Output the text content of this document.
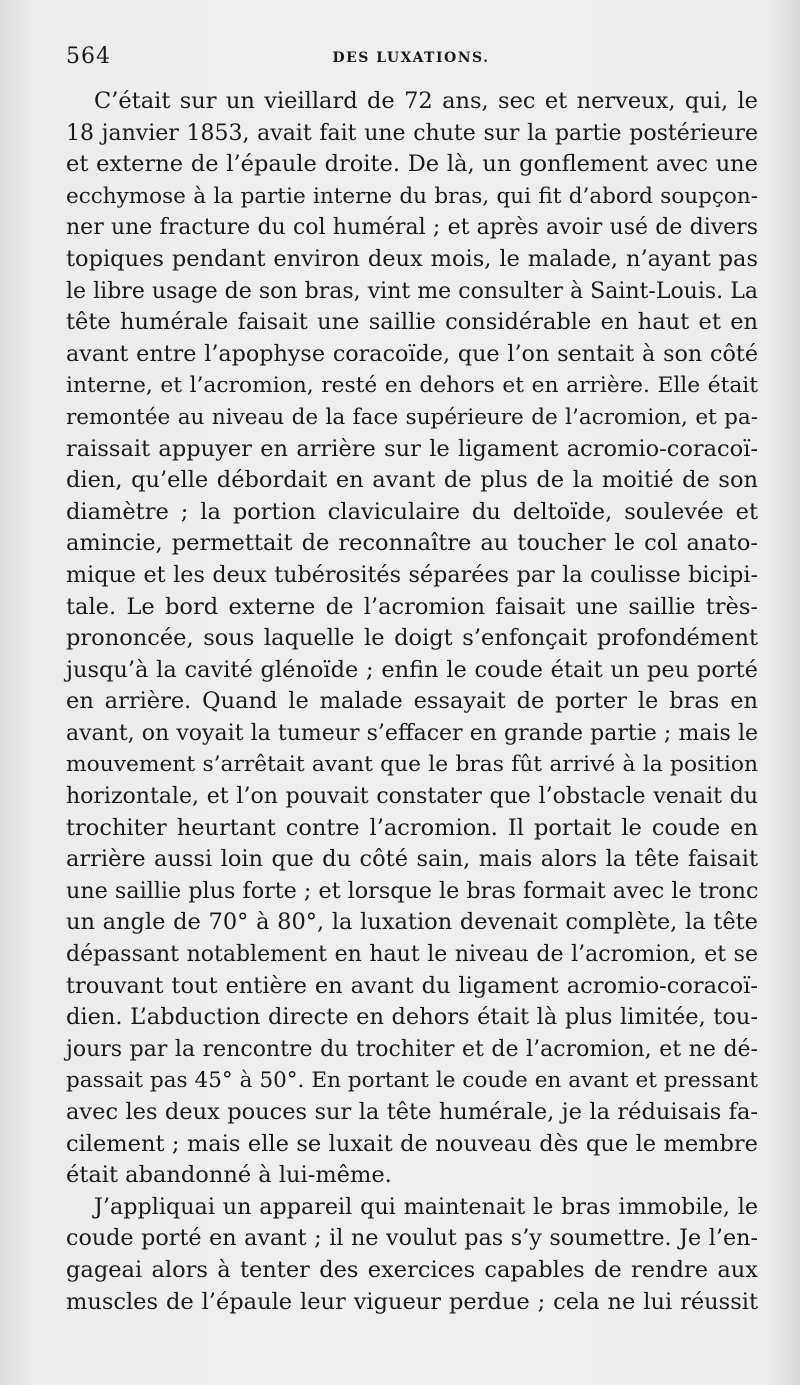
564	DES LUXATIONS.
C’était sur un vieillard de 72 ans, sec et nerveux, qui, le
18 janvier 1853, avait fait une chute sur la partie postérieure
et externe de l’épaule droite. De là, un gonflement avec une
ecchymose à la partie interne du bras, qui fit d’abord soupçon-
ner une fracture du col huméral ; et après avoir usé de divers
topiques pendant environ deux mois, le malade, n’ayant pas
le libre usage de son bras, vint me consulter à Saint-Louis. La
tête humérale faisait une saillie considérable en haut et en
avant entre l’apophyse coracoïde, que l’on sentait à son côté
interne, et l’acromion, resté en dehors et en arrière. Elle était
remontée au niveau de la face supérieure de l’acromion, et pa-
raissait appuyer en arrière sur le ligament acromio-coracoï-
dien, qu’elle débordait en avant de plus de la moitié de son
diamètre ; la portion claviculaire du deltoïde, soulevée et
amincie, permettait de reconnaître au toucher le col anato-
mique et les deux tubérosités séparées par la coulisse bicipi-
tale. Le bord externe de l’acromion faisait une saillie très-
prononcée, sous laquelle le doigt s’enfonçait profondément
jusqu’à la cavité glénoïde ; enfin le coude était un peu porté
en arrière. Quand le malade essayait de porter le bras en
avant, on voyait la tumeur s’effacer en grande partie ; mais le
mouvement s’arrêtait avant que le bras fût arrivé à la position
horizontale, et l’on pouvait constater que l’obstacle venait du
trochiter heurtant contre l’acromion. Il portait le coude en
arrière aussi loin que du côté sain, mais alors la tête faisait
une saillie plus forte ; et lorsque le bras formait avec le tronc
un angle de 70° à 80°, la luxation devenait complète, la tête
dépassant notablement en haut le niveau de l’acromion, et se
trouvant tout entière en avant du ligament acromio-coracoï-
dien. L’abduction directe en dehors était là plus limitée, tou-
jours par la rencontre du trochiter et de l’acromion, et ne dé-
passait pas 45° à 50°. En portant le coude en avant et pressant
avec les deux pouces sur la tête humérale, je la réduisais fa-
cilement ; mais elle se luxait de nouveau dès que le membre
était abandonné à lui-même.
J’appliquai un appareil qui maintenait le bras immobile, le
coude porté en avant ; il ne voulut pas s’y soumettre. Je l’en-
gageai alors à tenter des exercices capables de rendre aux
muscles de l’épaule leur vigueur perdue ; cela ne lui réussit
